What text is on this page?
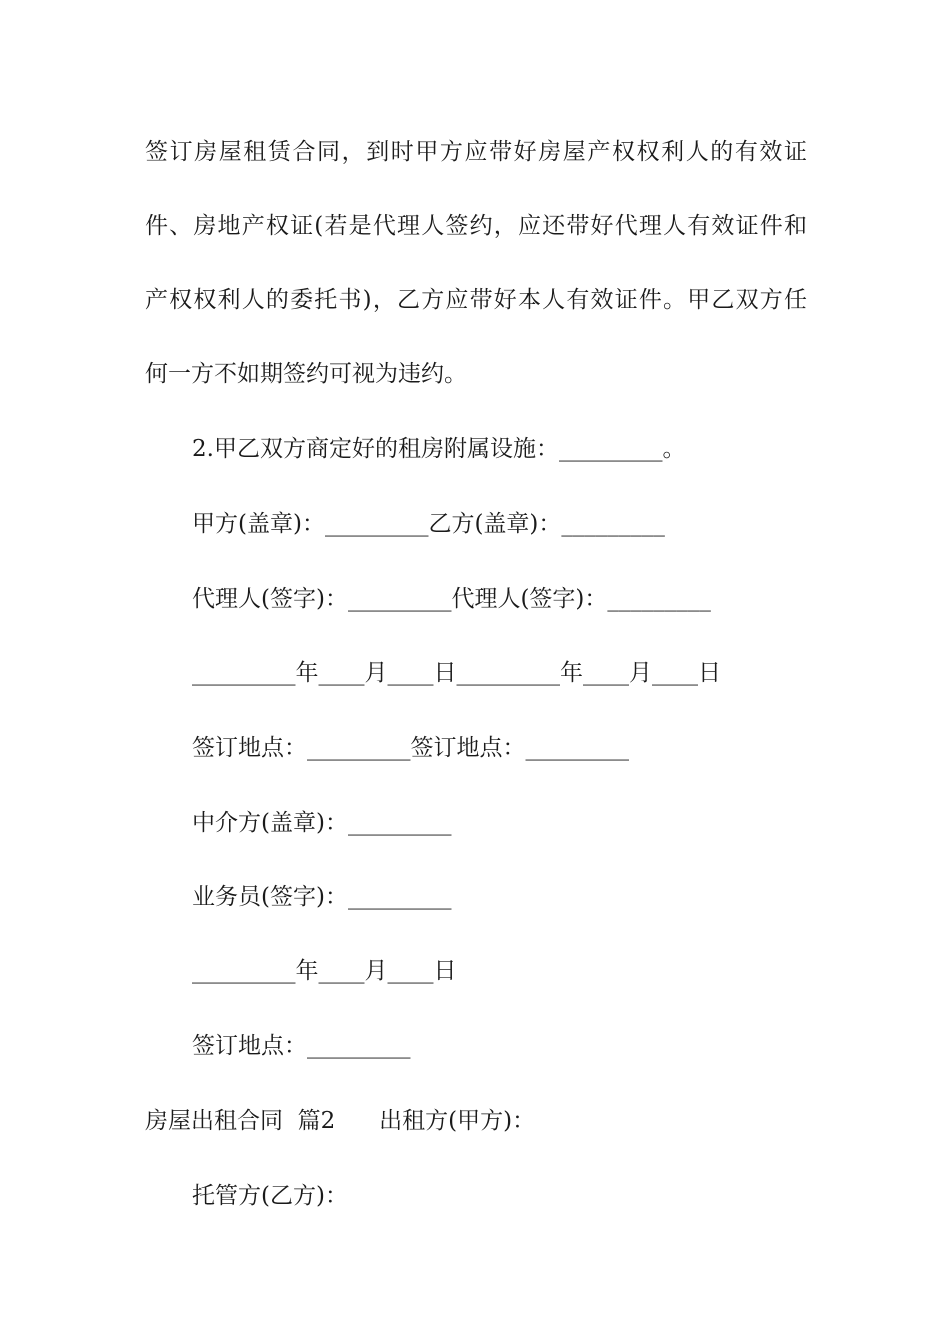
签订房屋租赁合同，到时甲方应带好房屋产权权利人的有效证
件、房地产权证(若是代理人签约，应还带好代理人有效证件和
产权权利人的委托书)，乙方应带好本人有效证件。甲乙双方任
何一方不如期签约可视为违约。
2.甲乙双方商定好的租房附属设施：_________。
甲方(盖章)：_________乙方(盖章)：_________
代理人(签字)：_________代理人(签字)：_________
_________年____月____日_________年____月____日
签订地点：_________签订地点：_________
中介方(盖章)：_________
业务员(签字)：_________
_________年____月____日
签订地点：_________
房屋出租合同  篇2      出租方(甲方)：
托管方(乙方)：
